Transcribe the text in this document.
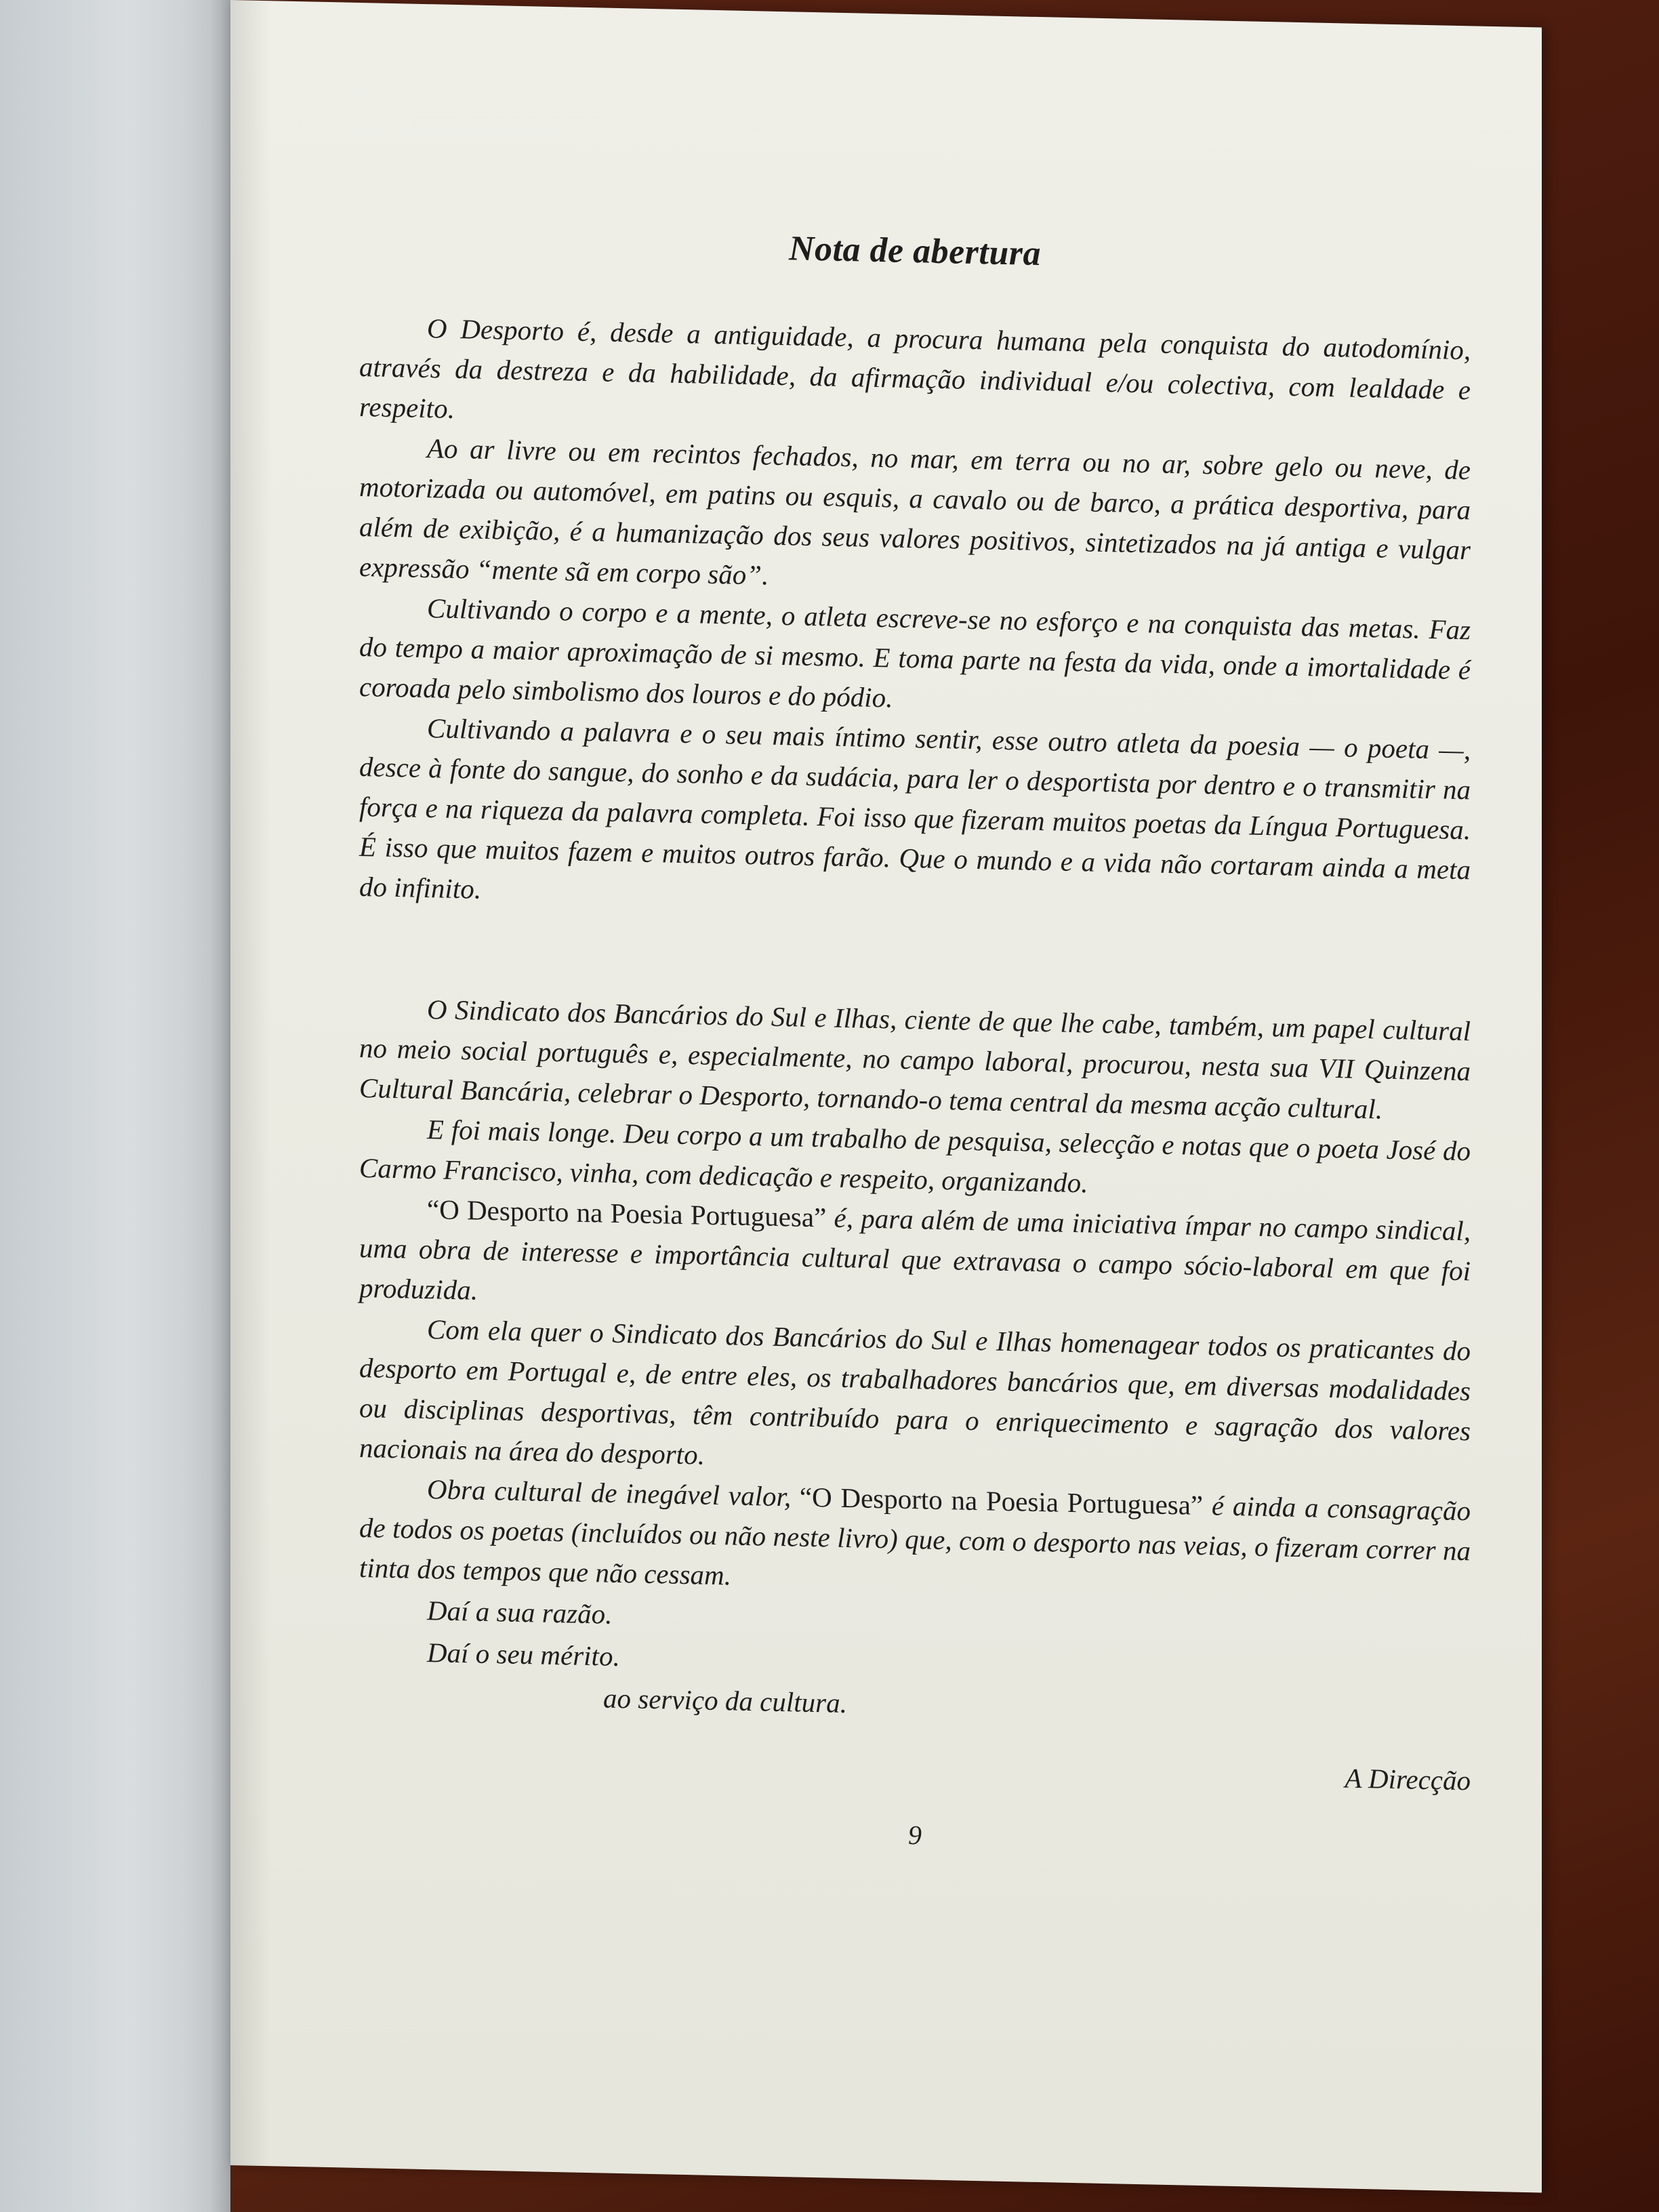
Nota de abertura

O Desporto é, desde a antiguidade, a procura humana pela conquista do autodomínio, através da destreza e da habilidade, da afirmação individual e/ou colectiva, com lealdade e respeito.

Ao ar livre ou em recintos fechados, no mar, em terra ou no ar, sobre gelo ou neve, de motorizada ou automóvel, em patins ou esquis, a cavalo ou de barco, a prática desportiva, para além de exibição, é a humanização dos seus valores positivos, sintetizados na já antiga e vulgar expressão “mente sã em corpo são”.

Cultivando o corpo e a mente, o atleta escreve-se no esforço e na conquista das metas. Faz do tempo a maior aproximação de si mesmo. E toma parte na festa da vida, onde a imortalidade é coroada pelo simbolismo dos louros e do pódio.

Cultivando a palavra e o seu mais íntimo sentir, esse outro atleta da poesia — o poeta —, desce à fonte do sangue, do sonho e da sudácia, para ler o desportista por dentro e o transmitir na força e na riqueza da palavra completa. Foi isso que fizeram muitos poetas da Língua Portuguesa. É isso que muitos fazem e muitos outros farão. Que o mundo e a vida não cortaram ainda a meta do infinito.

O Sindicato dos Bancários do Sul e Ilhas, ciente de que lhe cabe, também, um papel cultural no meio social português e, especialmente, no campo laboral, procurou, nesta sua VII Quinzena Cultural Bancária, celebrar o Desporto, tornando-o tema central da mesma acção cultural.

E foi mais longe. Deu corpo a um trabalho de pesquisa, selecção e notas que o poeta José do Carmo Francisco, vinha, com dedicação e respeito, organizando.

“O Desporto na Poesia Portuguesa” é, para além de uma iniciativa ímpar no campo sindical, uma obra de interesse e importância cultural que extravasa o campo sócio-laboral em que foi produzida.

Com ela quer o Sindicato dos Bancários do Sul e Ilhas homenagear todos os praticantes do desporto em Portugal e, de entre eles, os trabalhadores bancários que, em diversas modalidades ou disciplinas desportivas, têm contribuído para o enriquecimento e sagração dos valores nacionais na área do desporto.

Obra cultural de inegável valor, “O Desporto na Poesia Portuguesa” é ainda a consagração de todos os poetas (incluídos ou não neste livro) que, com o desporto nas veias, o fizeram correr na tinta dos tempos que não cessam.

Daí a sua razão.

Daí o seu mérito.

ao serviço da cultura.

A Direcção

9
